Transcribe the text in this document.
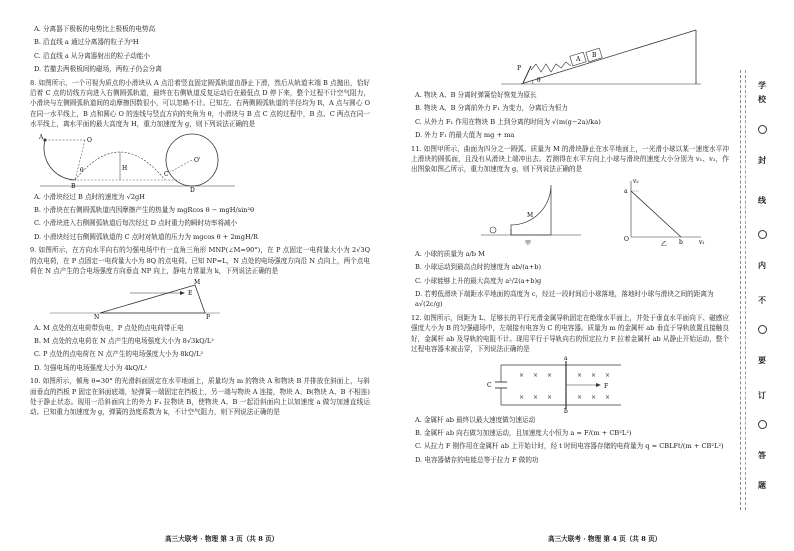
A. 分离器下极板的电势比上极板的电势高
B. 沿直线 a 通过分离器的粒子为³H
C. 沿直线 a 从分离器射出的粒子动能小
D. 若撤去两极板间的磁场，两粒子仍会分离

8. 如图所示，一个可视为质点的小滑块从 A 点沿着竖直固定圆弧轨道由静止下滑，然后从轨道末端 B 点抛出，恰好沿着 C 点的切线方向进入右侧圆弧轨道，最终在右侧轨道反复运动后在最低点 D 停下来，整个过程不计空气阻力，小滑块与左侧圆弧轨道间的动摩擦因数很小，可以忽略不计。已知左、右两侧圆弧轨道的半径均为 R，A 点与圆心 O 在同一水平线上，B 点和圆心 O 的连线与竖直方向的夹角为 θ，小滑块与 B 点 C 点的过程中，B 点、C 两点在同一水平线上，离水平面的最大高度为 H，重力加速度为 g，则下列说法正确的是

A	O
B
θ	H
C
O'
D
A. 小滑块经过 B 点时的速度为 √2gH
B. 小滑块在右侧圆弧轨道内因摩擦产生的热量为 mgRcos θ − mgH/sin²θ
C. 小滑块进入右侧圆弧轨道后每次经过 D 点时重力的瞬时功率将减小
D. 小滑块经过右侧圆弧轨道的 C 点时对轨道的压力为 mgcos θ + 2mgH/R

9. 如图所示，在方向水平向右的匀强电场中有一直角三角形 MNP(∠M=90°)，在 P 点固定一电荷量大小为 2√3Q 的点电荷，在 P 点固定一电荷量大小为 8Q 的点电荷。已知 NP=L，N 点处的电场强度方向沿 N 点向上，两个点电荷在 N 点产生的合电场强度方向垂直 NP 向上，静电力常量为 k，下列说法正确的是

M
E
N	P
A. M 点处的点电荷带负电，P 点处的点电荷带正电
B. M 点处的点电荷在 N 点产生的电场强度大小为 8√3kQ/L²
C. P 点处的点电荷在 N 点产生的电场强度大小为 8kQ/L²
D. 匀强电场的电场强度大小为 4kQ/L²

10. 如图所示，倾角 θ=30° 的光滑斜面固定在水平地面上，质量均为 m 的物块 A 和物块 B 并排放在斜面上，与斜面垂直的挡板 P 固定在斜面底端，轻弹簧一端固定在挡板上，另一端与物块 A 连接，物块 A、B(物块 A、B 不相连)处于静止状态。现用一沿斜面向上的外力 F₁ 拉物块 B，使物块 A、B 一起沿斜面向上以加速度 a 做匀加速直线运动。已知重力加速度为 g，弹簧的劲度系数为 k，不计空气阻力，则下列说法正确的是

高三大联考 · 物理 第 3 页（共 8 页）
P
A
B
θ
A. 物块 A、B 分离时弹簧恰好恢复为原长
B. 物块 A、B 分离前外力 F₁ 为变力，分离后为恒力
C. 从外力 F₁ 作用在物块 B 上到分离的时间为 √(m(g−2a)/ka)
D. 外力 F₁ 的最大值为 mg + ma

11. 如图甲所示，曲面为四分之一圆弧、质量为 M 的滑块静止在水平地面上，一光滑小球以某一速度水平冲上滑块的圆弧面，且没有从滑块上端冲出去。若测得在水平方向上小球与滑块的速度大小分别为 v₁、v₂，作出图象如图乙所示，重力加速度为 g，则下列说法正确的是

M
甲
v₂
a
O	b	v₁
乙
A. 小球的质量为 a/b M
B. 小球运动到最高点时的速度为 ab/(a+b)
C. 小球能够上升的最大高度为 a²/2(a+b)g
D. 若剪低滑块下端距水平地面的高度为 c，经过一段时间后小球落地，落地时小球与滑块之间的距离为 a√(2c/g)

12. 如图所示，间距为 L、足够长的平行光滑金属导轨固定在绝缘水平面上，并处于垂直水平面向下、磁感应强度大小为 B 的匀强磁场中，左端接有电容为 C 的电容器。质量为 m 的金属杆 ab 垂直于导轨放置且接触良好，金属杆 ab 及导轨的电阻不计。现用平行于导轨向右的恒定拉力 F 拉着金属杆 ab 从静止开始运动，整个过程电容器未被击穿，下列说法正确的是

× × ×	× × ×
× × ×	× × ×
a
b
C	F
A. 金属杆 ab 最终以最大速度做匀速运动
B. 金属杆 ab 向右做匀加速运动，且加速度大小恒为 a = F/(m + CB²L²)
C. 从拉力 F 刚作用在金属杆 ab 上开始计时，经 t 时间电容器存储的电荷量为 q = CBLFt/(m + CB²L²)
D. 电容器储存的电能总等于拉力 F 做的功
高三大联考 · 物理 第 4 页（共 8 页）
学
校
封
线
内
不
要
订
答
题
